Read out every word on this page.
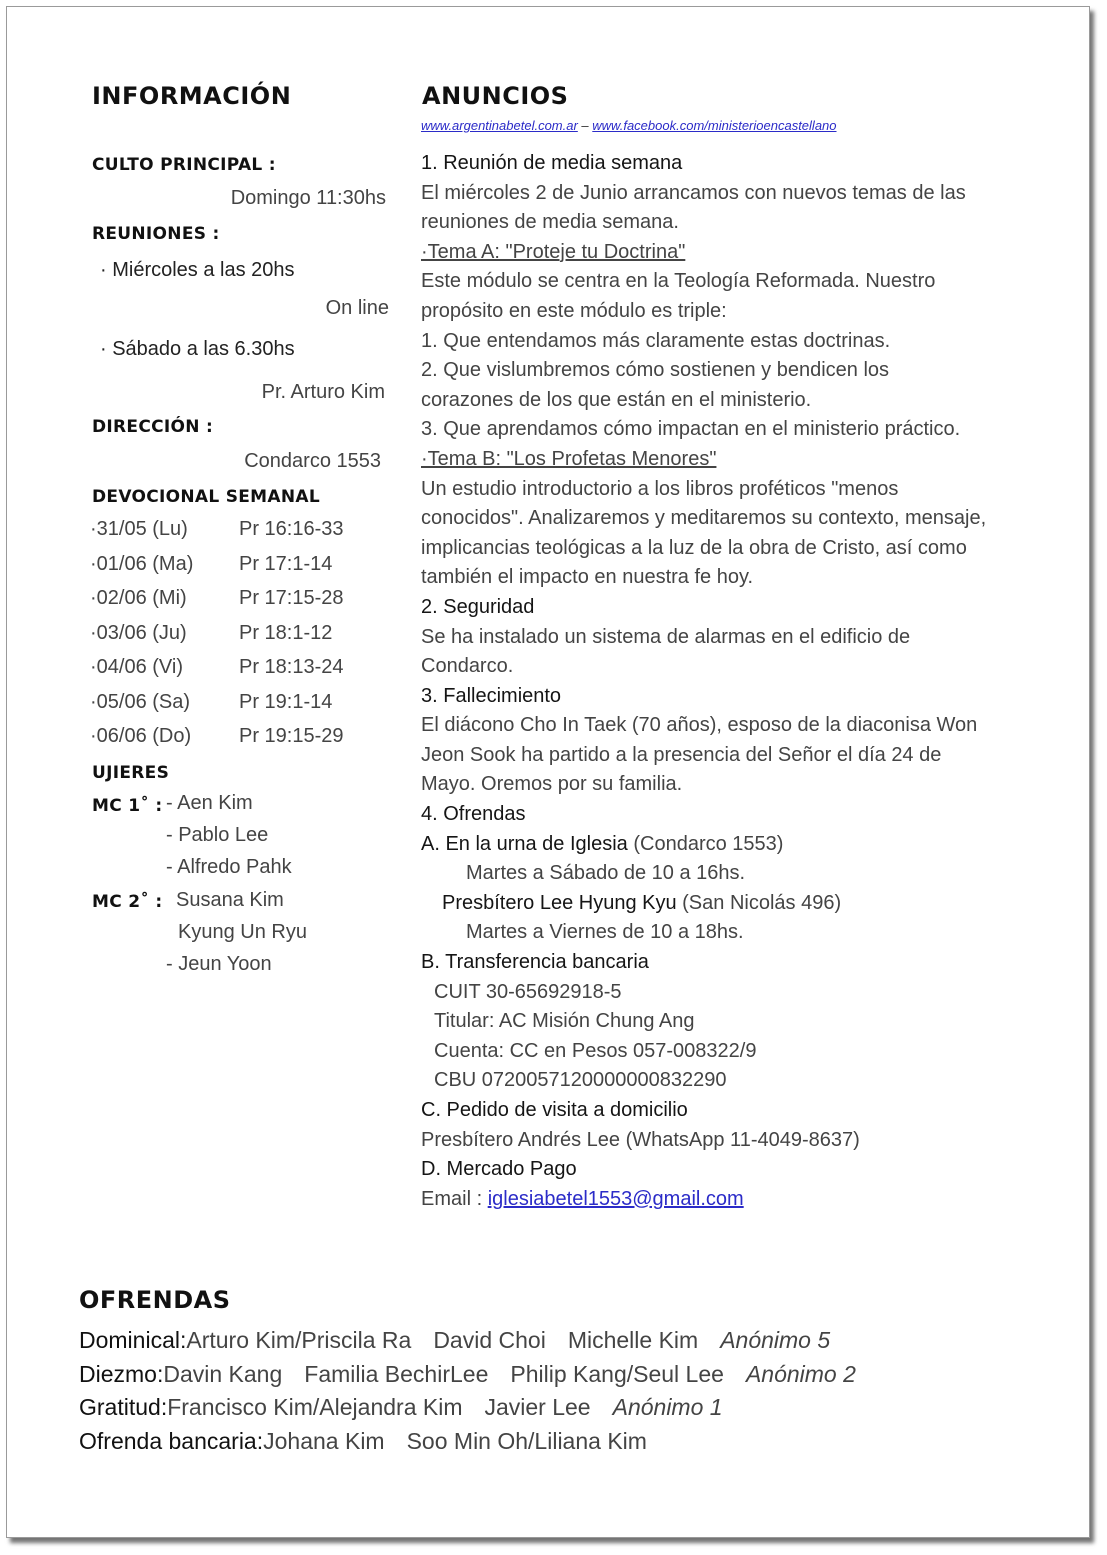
INFORMACIÓN
CULTO PRINCIPAL :
Domingo 11:30hs
REUNIONES :
· Miércoles a las 20hs
On line
· Sábado a las 6.30hs
Pr. Arturo Kim
DIRECCIÓN :
Condarco 1553
DEVOCIONAL SEMANAL
·31/05 (Lu)	Pr 16:16-33
·01/06 (Ma) Pr 17:1-14
·02/06 (Mi)	Pr 17:15-28
·03/06 (Ju)	Pr 18:1-12
·04/06 (Vi)	Pr 18:13-24
·05/06 (Sa) Pr 19:1-14
·06/06 (Do) Pr 19:15-29
UJIERES
MC 1˚ : - Aen Kim
- Pablo Lee
- Alfredo Pahk
MC 2˚ : Susana Kim
Kyung Un Ryu
- Jeun Yoon
ANUNCIOS
www.argentinabetel.com.ar – www.facebook.com/ministerioencastellano
1. Reunión de media semana
El miércoles 2 de Junio arrancamos con nuevos temas de las
reuniones de media semana.
·Tema A: "Proteje tu Doctrina"
Este módulo se centra en la Teología Reformada. Nuestro
propósito en este módulo es triple:
1. Que entendamos más claramente estas doctrinas.
2. Que vislumbremos cómo sostienen y bendicen los
corazones de los que están en el ministerio.
3. Que aprendamos cómo impactan en el ministerio práctico.
·Tema B: "Los Profetas Menores"
Un estudio introductorio a los libros proféticos "menos
conocidos". Analizaremos y meditaremos su contexto, mensaje,
implicancias teológicas a la luz de la obra de Cristo, así como
también el impacto en nuestra fe hoy.
2. Seguridad
Se ha instalado un sistema de alarmas en el edificio de
Condarco.
3. Fallecimiento
El diácono Cho In Taek (70 años), esposo de la diaconisa Won
Jeon Sook ha partido a la presencia del Señor el día 24 de
Mayo. Oremos por su familia.
4. Ofrendas
A. En la urna de Iglesia (Condarco 1553)
Martes a Sábado de 10 a 16hs.
Presbítero Lee Hyung Kyu (San Nicolás 496)
Martes a Viernes de 10 a 18hs.
B. Transferencia bancaria
CUIT 30-65692918-5
Titular: AC Misión Chung Ang
Cuenta: CC en Pesos 057-008322/9
CBU 0720057120000000832290
C. Pedido de visita a domicilio
Presbítero Andrés Lee (WhatsApp 11-4049-8637)
D. Mercado Pago
Email : iglesiabetel1553@gmail.com
OFRENDAS
Dominical:Arturo Kim/Priscila Ra David Choi Michelle Kim Anónimo 5
Diezmo:Davin Kang Familia BechirLee Philip Kang/Seul Lee Anónimo 2
Gratitud:Francisco Kim/Alejandra Kim Javier Lee Anónimo 1
Ofrenda bancaria:Johana Kim Soo Min Oh/Liliana Kim
